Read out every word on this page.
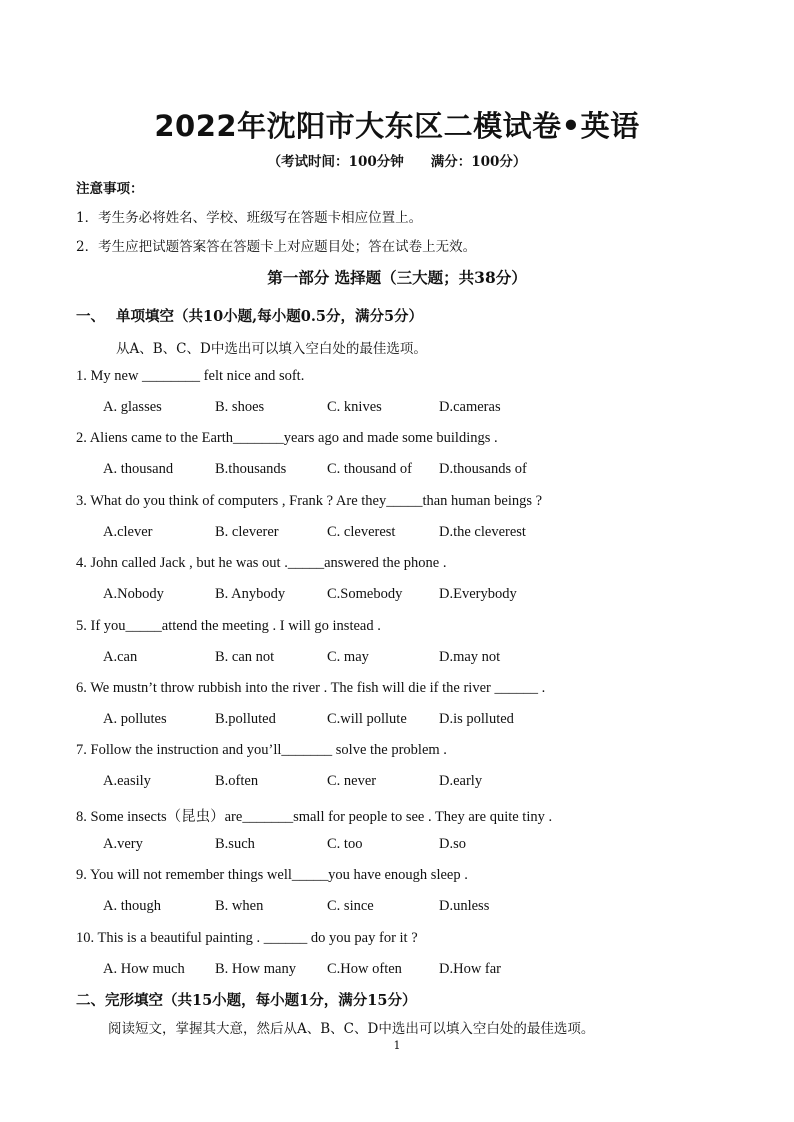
2022年沈阳市大东区二模试卷•英语
（考试时间：100分钟　　满分：100分）
注意事项：
1．考生务必将姓名、学校、班级写在答题卡相应位置上。
2．考生应把试题答案答在答题卡上对应题目处；答在试卷上无效。
第一部分 选择题（三大题；共38分）
一、 单项填空（共10小题,每小题0.5分，满分5分）
从A、B、C、D中选出可以填入空白处的最佳选项。
1. My new ________ felt nice and soft.
A. glasses	B. shoes	C. knives	D.cameras
2. Aliens came to the Earth_______years ago and made some buildings .
A. thousand	B.thousands	C. thousand of D.thousands of
3. What do you think of computers , Frank ? Are they_____than human beings ?
A.clever	B. cleverer	C. cleverest	D.the cleverest
4. John called Jack , but he was out ._____answered the phone .
A.Nobody	B. Anybody	C.Somebody	D.Everybody
5. If you_____attend the meeting . I will go instead .
A.can	B. can not	C. may	D.may not
6. We mustn’t throw rubbish into the river . The fish will die if the river ______ .
A. pollutes	B.polluted	C.will pollute D.is polluted
7. Follow the instruction and you’ll_______ solve the problem .
A.easily	B.often	C. never	D.early
8. Some insects（昆虫）are_______small for people to see . They are quite tiny .
A.very	B.such	C. too	D.so
9. You will not remember things well_____you have enough sleep .
A. though	B. when	C. since	D.unless
10. This is a beautiful painting . ______ do you pay for it ?
A. How much B. How many C.How often	D.How far
二、完形填空（共15小题，每小题1分，满分15分）
阅读短文，掌握其大意，然后从A、B、C、D中选出可以填入空白处的最佳选项。
1
